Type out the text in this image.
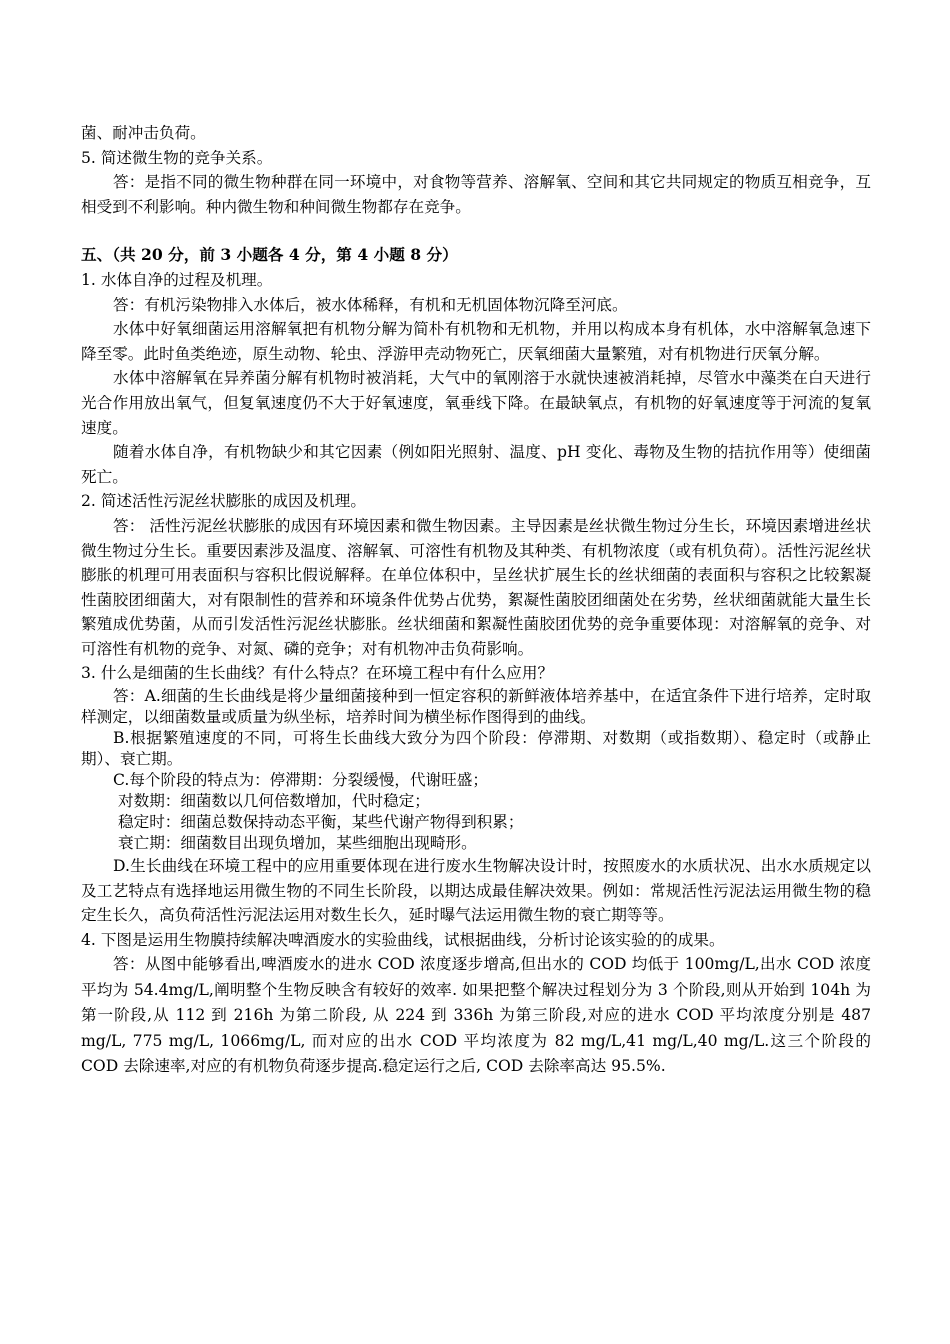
菌、耐冲击负荷。

5. 简述微生物的竞争关系。

答：是指不同的微生物种群在同一环境中，对食物等营养、溶解氧、空间和其它共同规定的物质互相竞争，互相受到不利影响。种内微生物和种间微生物都存在竞争。

五、（共 20 分，前 3 小题各 4 分，第 4 小题 8 分）

1. 水体自净的过程及机理。

答：有机污染物排入水体后，被水体稀释，有机和无机固体物沉降至河底。

水体中好氧细菌运用溶解氧把有机物分解为简朴有机物和无机物，并用以构成本身有机体，水中溶解氧急速下降至零。此时鱼类绝迹，原生动物、轮虫、浮游甲壳动物死亡，厌氧细菌大量繁殖，对有机物进行厌氧分解。

水体中溶解氧在异养菌分解有机物时被消耗，大气中的氧刚溶于水就快速被消耗掉，尽管水中藻类在白天进行光合作用放出氧气，但复氧速度仍不大于好氧速度，氧垂线下降。在最缺氧点，有机物的好氧速度等于河流的复氧速度。

随着水体自净，有机物缺少和其它因素（例如阳光照射、温度、pH 变化、毒物及生物的拮抗作用等）使细菌死亡。

2. 简述活性污泥丝状膨胀的成因及机理。

答： 活性污泥丝状膨胀的成因有环境因素和微生物因素。主导因素是丝状微生物过分生长，环境因素增进丝状微生物过分生长。重要因素涉及温度、溶解氧、可溶性有机物及其种类、有机物浓度（或有机负荷）。活性污泥丝状膨胀的机理可用表面积与容积比假说解释。在单位体积中，呈丝状扩展生长的丝状细菌的表面积与容积之比较絮凝性菌胶团细菌大，对有限制性的营养和环境条件优势占优势，絮凝性菌胶团细菌处在劣势，丝状细菌就能大量生长繁殖成优势菌，从而引发活性污泥丝状膨胀。丝状细菌和絮凝性菌胶团优势的竞争重要体现：对溶解氧的竞争、对可溶性有机物的竞争、对氮、磷的竞争；对有机物冲击负荷影响。

3. 什么是细菌的生长曲线？有什么特点？在环境工程中有什么应用？

答：A.细菌的生长曲线是将少量细菌接种到一恒定容积的新鲜液体培养基中，在适宜条件下进行培养，定时取样测定，以细菌数量或质量为纵坐标，培养时间为横坐标作图得到的曲线。

B.根据繁殖速度的不同，可将生长曲线大致分为四个阶段：停滞期、对数期（或指数期）、稳定时（或静止期）、衰亡期。

C.每个阶段的特点为：停滞期：分裂缓慢，代谢旺盛；

对数期：细菌数以几何倍数增加，代时稳定；

稳定时：细菌总数保持动态平衡，某些代谢产物得到积累；

衰亡期：细菌数目出现负增加，某些细胞出现畸形。

D.生长曲线在环境工程中的应用重要体现在进行废水生物解决设计时，按照废水的水质状况、出水水质规定以及工艺特点有选择地运用微生物的不同生长阶段，以期达成最佳解决效果。例如：常规活性污泥法运用微生物的稳定生长久，高负荷活性污泥法运用对数生长久，延时曝气法运用微生物的衰亡期等等。

4. 下图是运用生物膜持续解决啤酒废水的实验曲线，试根据曲线，分析讨论该实验的的成果。

答：从图中能够看出,啤酒废水的进水 COD 浓度逐步增高,但出水的 COD 均低于 100mg/L,出水 COD 浓度平均为 54.4mg/L,阐明整个生物反映含有较好的效率. 如果把整个解决过程划分为 3 个阶段,则从开始到 104h 为第一阶段,从 112 到 216h 为第二阶段, 从 224 到 336h 为第三阶段,对应的进水 COD 平均浓度分别是 487 mg/L, 775 mg/L, 1066mg/L, 而对应的出水 COD 平均浓度为 82 mg/L,41 mg/L,40 mg/L.这三个阶段的 COD 去除速率,对应的有机物负荷逐步提高.稳定运行之后, COD 去除率高达 95.5%.
